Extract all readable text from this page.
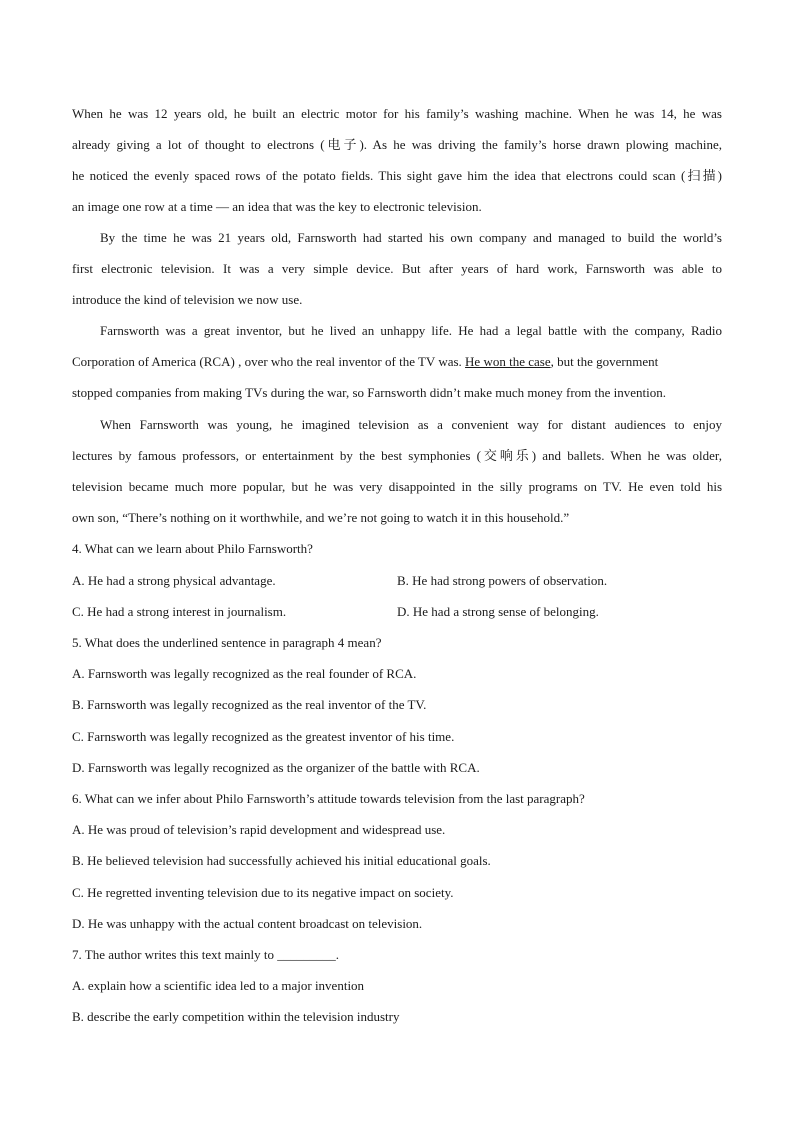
When he was 12 years old, he built an electric motor for his family’s washing machine. When he was 14, he was
already giving a lot of thought to electrons (电子). As he was driving the family’s horse drawn plowing machine,
he noticed the evenly spaced rows of the potato fields. This sight gave him the idea that electrons could scan (扫描)
an image one row at a time — an idea that was the key to electronic television.
By the time he was 21 years old, Farnsworth had started his own company and managed to build the world’s
first electronic television. It was a very simple device. But after years of hard work, Farnsworth was able to
introduce the kind of television we now use.
Farnsworth was a great inventor, but he lived an unhappy life. He had a legal battle with the company, Radio
Corporation of America (RCA) , over who the real inventor of the TV was. He won the case, but the government
stopped companies from making TVs during the war, so Farnsworth didn’t make much money from the invention.
When Farnsworth was young, he imagined television as a convenient way for distant audiences to enjoy
lectures by famous professors, or entertainment by the best symphonies (交响乐) and ballets. When he was older,
television became much more popular, but he was very disappointed in the silly programs on TV. He even told his
own son, “There’s nothing on it worthwhile, and we’re not going to watch it in this household.”
4. What can we learn about Philo Farnsworth?
A. He had a strong physical advantage.	B. He had strong powers of observation.
C. He had a strong interest in journalism.	D. He had a strong sense of belonging.
5. What does the underlined sentence in paragraph 4 mean?
A. Farnsworth was legally recognized as the real founder of RCA.
B. Farnsworth was legally recognized as the real inventor of the TV.
C. Farnsworth was legally recognized as the greatest inventor of his time.
D. Farnsworth was legally recognized as the organizer of the battle with RCA.
6. What can we infer about Philo Farnsworth’s attitude towards television from the last paragraph?
A. He was proud of television’s rapid development and widespread use.
B. He believed television had successfully achieved his initial educational goals.
C. He regretted inventing television due to its negative impact on society.
D. He was unhappy with the actual content broadcast on television.
7. The author writes this text mainly to _________.
A. explain how a scientific idea led to a major invention
B. describe the early competition within the television industry
